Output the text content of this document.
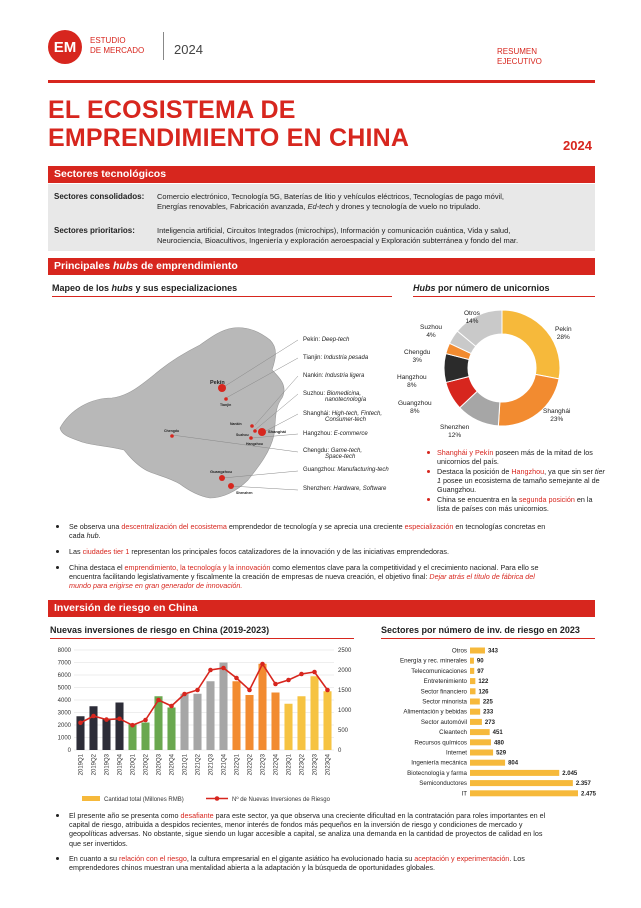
EM	ESTUDIO
DE MERCADO 2024	RESUMEN
EJECUTIVO
EL ECOSISTEMA DE
EMPRENDIMIENTO EN CHINA	2024
Sectores tecnológicos
Sectores consolidados: Comercio electrónico, Tecnología 5G, Baterías de litio y vehículos eléctricos, Tecnologías de pago móvil,
Energías renovables, Fabricación avanzada, Ed-tech y drones y tecnología de vuelo no tripulado.
Sectores prioritarios:	Inteligencia artificial, Circuitos Integrados (microchips), Información y comunicación cuántica, Vida y salud,
Neurociencia, Bioacultivos, Ingeniería y exploración aeroespacial y Exploración subterránea y fondo del mar.
Principales hubs de emprendimiento
Mapeo de los hubs y sus especializaciones	Hubs por número de unicornios
Pekín
Tianjin
Nankin
Suzhou
Shanghái
Hangzhou
Chengdu
Guangzhou
Shenzhen
Pekín: Deep-tech
Tianjin: Industria pesada
Nankin: Industria ligera
Suzhou: Biomedicina,
nanotecnología
Shanghái: High-tech, Fintech,
Consumer-tech
Hangzhou: E-commerce
Chengdu: Game-tech,
Space-tech
Guangzhou: Manufacturing-tech
Shenzhen: Hardware, Software
Pekín
28%
Shanghái
23%
Shenzhen
12%
Guangzhou
8%
Hangzhou
8%
Chengdu
3%
Suzhou
4%
Otros
14%
Shanghái y Pekín poseen más de la mitad de los unicornios del país.
Destaca la posición de Hangzhou, ya que sin ser tier 1 posee un ecosistema de tamaño semejante al de Guangzhou.
China se encuentra en la segunda posición en la lista de países con más unicornios.
Se observa una descentralización del ecosistema emprendedor de tecnología y se aprecia una creciente especialización en tecnologías concretas en
cada hub.
Las ciudades tier 1 representan los principales focos catalizadores de la innovación y de las iniciativas emprendedoras.
China destaca el emprendimiento, la tecnología y la innovación como elementos clave para la competitividad y el crecimiento nacional. Para ello se
encuentra facilitando legislativamente y fiscalmente la creación de empresas de nueva creación, el objetivo final: Dejar atrás el título de fábrica del
mundo para erigirse en gran generador de innovación.
Inversión de riesgo en China
Nuevas inversiones de riesgo en China (2019-2023)	Sectores por número de inv. de riesgo en 2023
0
1000
2000
3000
4000
5000
6000
7000
8000
0
500
1000
1500
2000
2500
2019Q1 2019Q2 2019Q3 2019Q4 2020Q1 2020Q2 2020Q3 2020Q4 2021Q1 2021Q2 2021Q3 2021Q4 2022Q1 2022Q2 2022Q3 2022Q4 2023Q1 2023Q2 2023Q3 2023Q4
Cantidad total (Millones RMB)	Nº de Nuevas Inversiones de Riesgo
Otros	343
Energía y rec. minerales 90
Telecomunicaciones 97
Entretenimiento 122
Sector financiero 126
Sector minorista	225
Alimentación y bebidas	233
Sector automóvil	273
Cleantech	451
Recursos químicos	480
Internet	529
Ingeniería mecánica	804
Biotecnología y farma	2.045
Semiconductores	2.357
IT	2.475
El presente año se presenta como desafiante para este sector, ya que observa una creciente dificultad en la contratación para roles importantes en el
capital de riesgo, atribuida a despidos recientes, menor interés de fondos más pequeños en la inversión de riesgo y condiciones de mercado y
geopolíticas adversas. No obstante, sigue siendo un lugar accesible a capital, se analiza una demanda en la cantidad de proyectos de calidad en los
que ser invertidos.
En cuanto a su relación con el riesgo, la cultura empresarial en el gigante asiático ha evolucionado hacia su aceptación y experimentación. Los
emprendedores chinos muestran una mentalidad abierta a la adaptación y la búsqueda de oportunidades globales.
